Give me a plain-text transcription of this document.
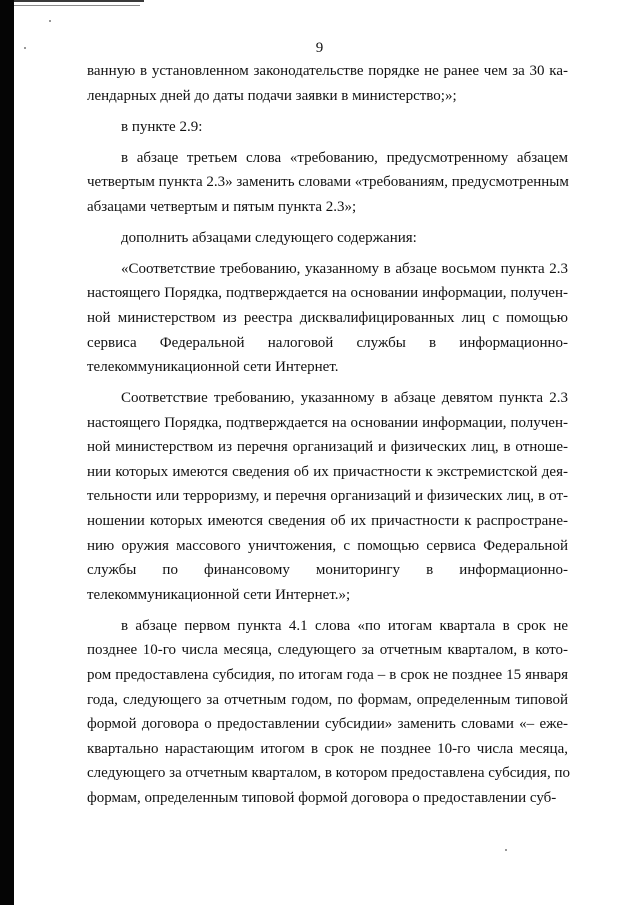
9

ванную в установленном законодательстве порядке не ранее чем за 30 ка-
лендарных дней до даты подачи заявки в министерство;»;

в пункте 2.9:

в абзаце третьем слова «требованию, предусмотренному абзацем
четвертым пункта 2.3» заменить словами «требованиям, предусмотренным
абзацами четвертым и пятым пункта 2.3»;

дополнить абзацами следующего содержания:

«Соответствие требованию, указанному в абзаце восьмом пункта 2.3
настоящего Порядка, подтверждается на основании информации, получен-
ной министерством из реестра дисквалифицированных лиц с помощью
сервиса Федеральной налоговой службы в информационно-
телекоммуникационной сети Интернет.

Соответствие требованию, указанному в абзаце девятом пункта 2.3
настоящего Порядка, подтверждается на основании информации, получен-
ной министерством из перечня организаций и физических лиц, в отноше-
нии которых имеются сведения об их причастности к экстремистской дея-
тельности или терроризму, и перечня организаций и физических лиц, в от-
ношении которых имеются сведения об их причастности к распростране-
нию оружия массового уничтожения, с помощью сервиса Федеральной
службы по финансовому мониторингу в информационно-
телекоммуникационной сети Интернет.»;

в абзаце первом пункта 4.1 слова «по итогам квартала в срок не
позднее 10-го числа месяца, следующего за отчетным кварталом, в кото-
ром предоставлена субсидия, по итогам года – в срок не позднее 15 января
года, следующего за отчетным годом, по формам, определенным типовой
формой договора о предоставлении субсидии» заменить словами «– еже-
квартально нарастающим итогом в срок не позднее 10-го числа месяца,
следующего за отчетным кварталом, в котором предоставлена субсидия, по
формам, определенным типовой формой договора о предоставлении суб-
